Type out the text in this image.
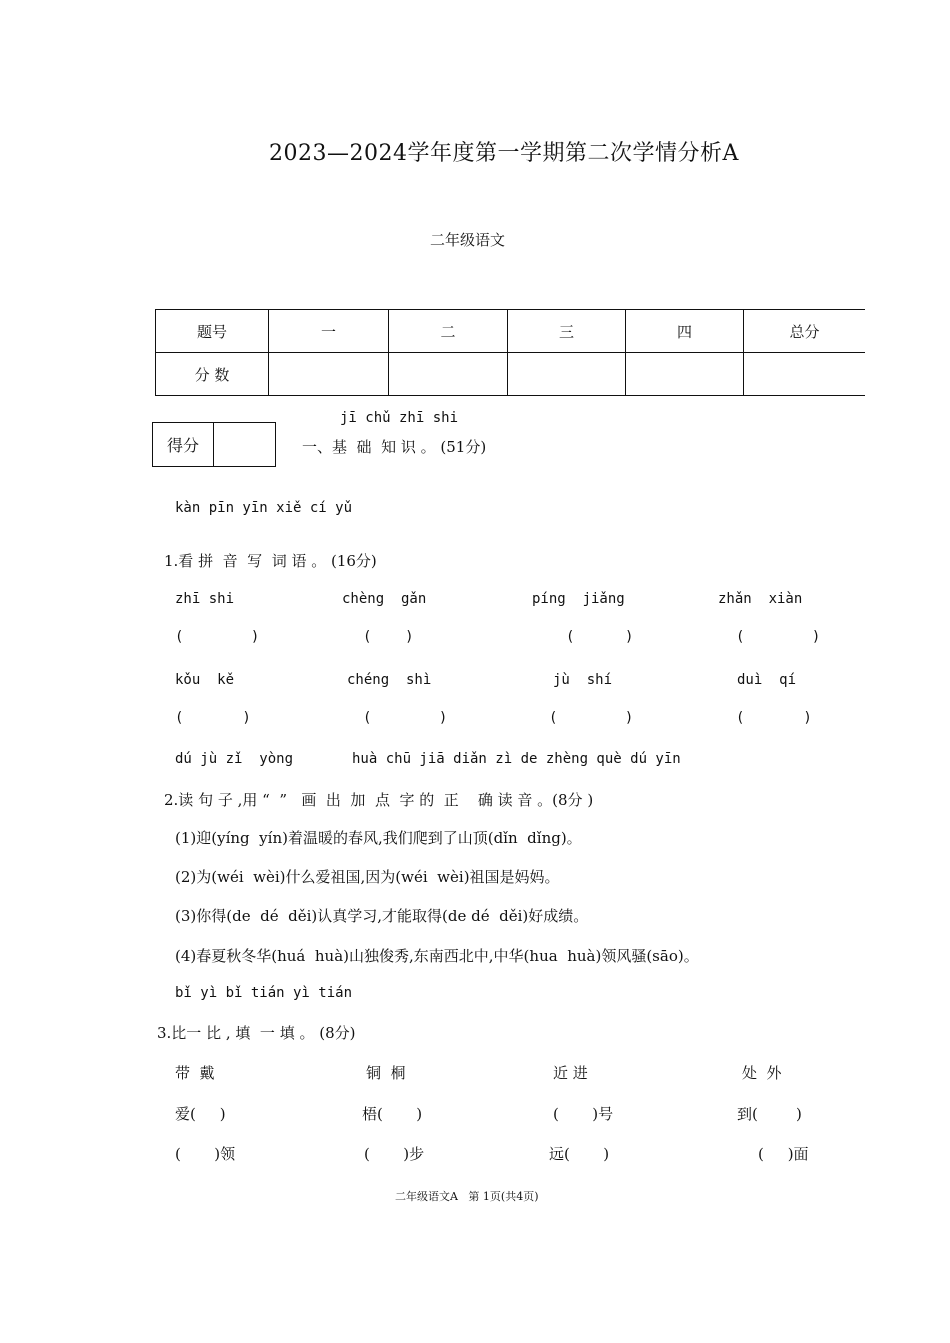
2023—2024学年度第一学期第二次学情分析A
二年级语文
题号	一	二	三	四	总分
分 数					
得分
jī chǔ zhī shi
一、基  础  知 识 。 (51分)
kàn pīn yīn xiě cí yǔ
1.看 拼  音  写  词 语 。 (16分)
zhī shi	chèng  gǎn	píng  jiǎng	zhǎn  xiàn
(        )	(    )	(      )	(        )
kǒu  kě	chéng  shì	jù  shí	duì  qí
(       )	(        )	(        )	(       )
dú jù zǐ  yòng       huà chū jiā diǎn zì de zhèng què dú yīn
2.读 句 子 ,用 “  ”   画  出  加  点  字 的  正    确 读 音 。(8分 )
(1)迎(yíng  yín)着温暖的春风,我们爬到了山顶(dǐn  dǐng)。
(2)为(wéi  wèi)什么爱祖国,因为(wéi  wèi)祖国是妈妈。
(3)你得(de  dé  děi)认真学习,才能取得(de dé  děi)好成绩。
(4)春夏秋冬华(huá  huà)山独俊秀,东南西北中,中华(hua  huà)领风骚(sāo)。
bǐ yì bǐ tián yì tián
3.比一 比 , 填  一 填 。 (8分)
带  戴	铜  桐	近 进	处  外
爱(     )	梧(       )	(       )号	到(        )
(       )领	(       )步	远(       )	(     )面
二年级语文A   第 1页(共4页)
